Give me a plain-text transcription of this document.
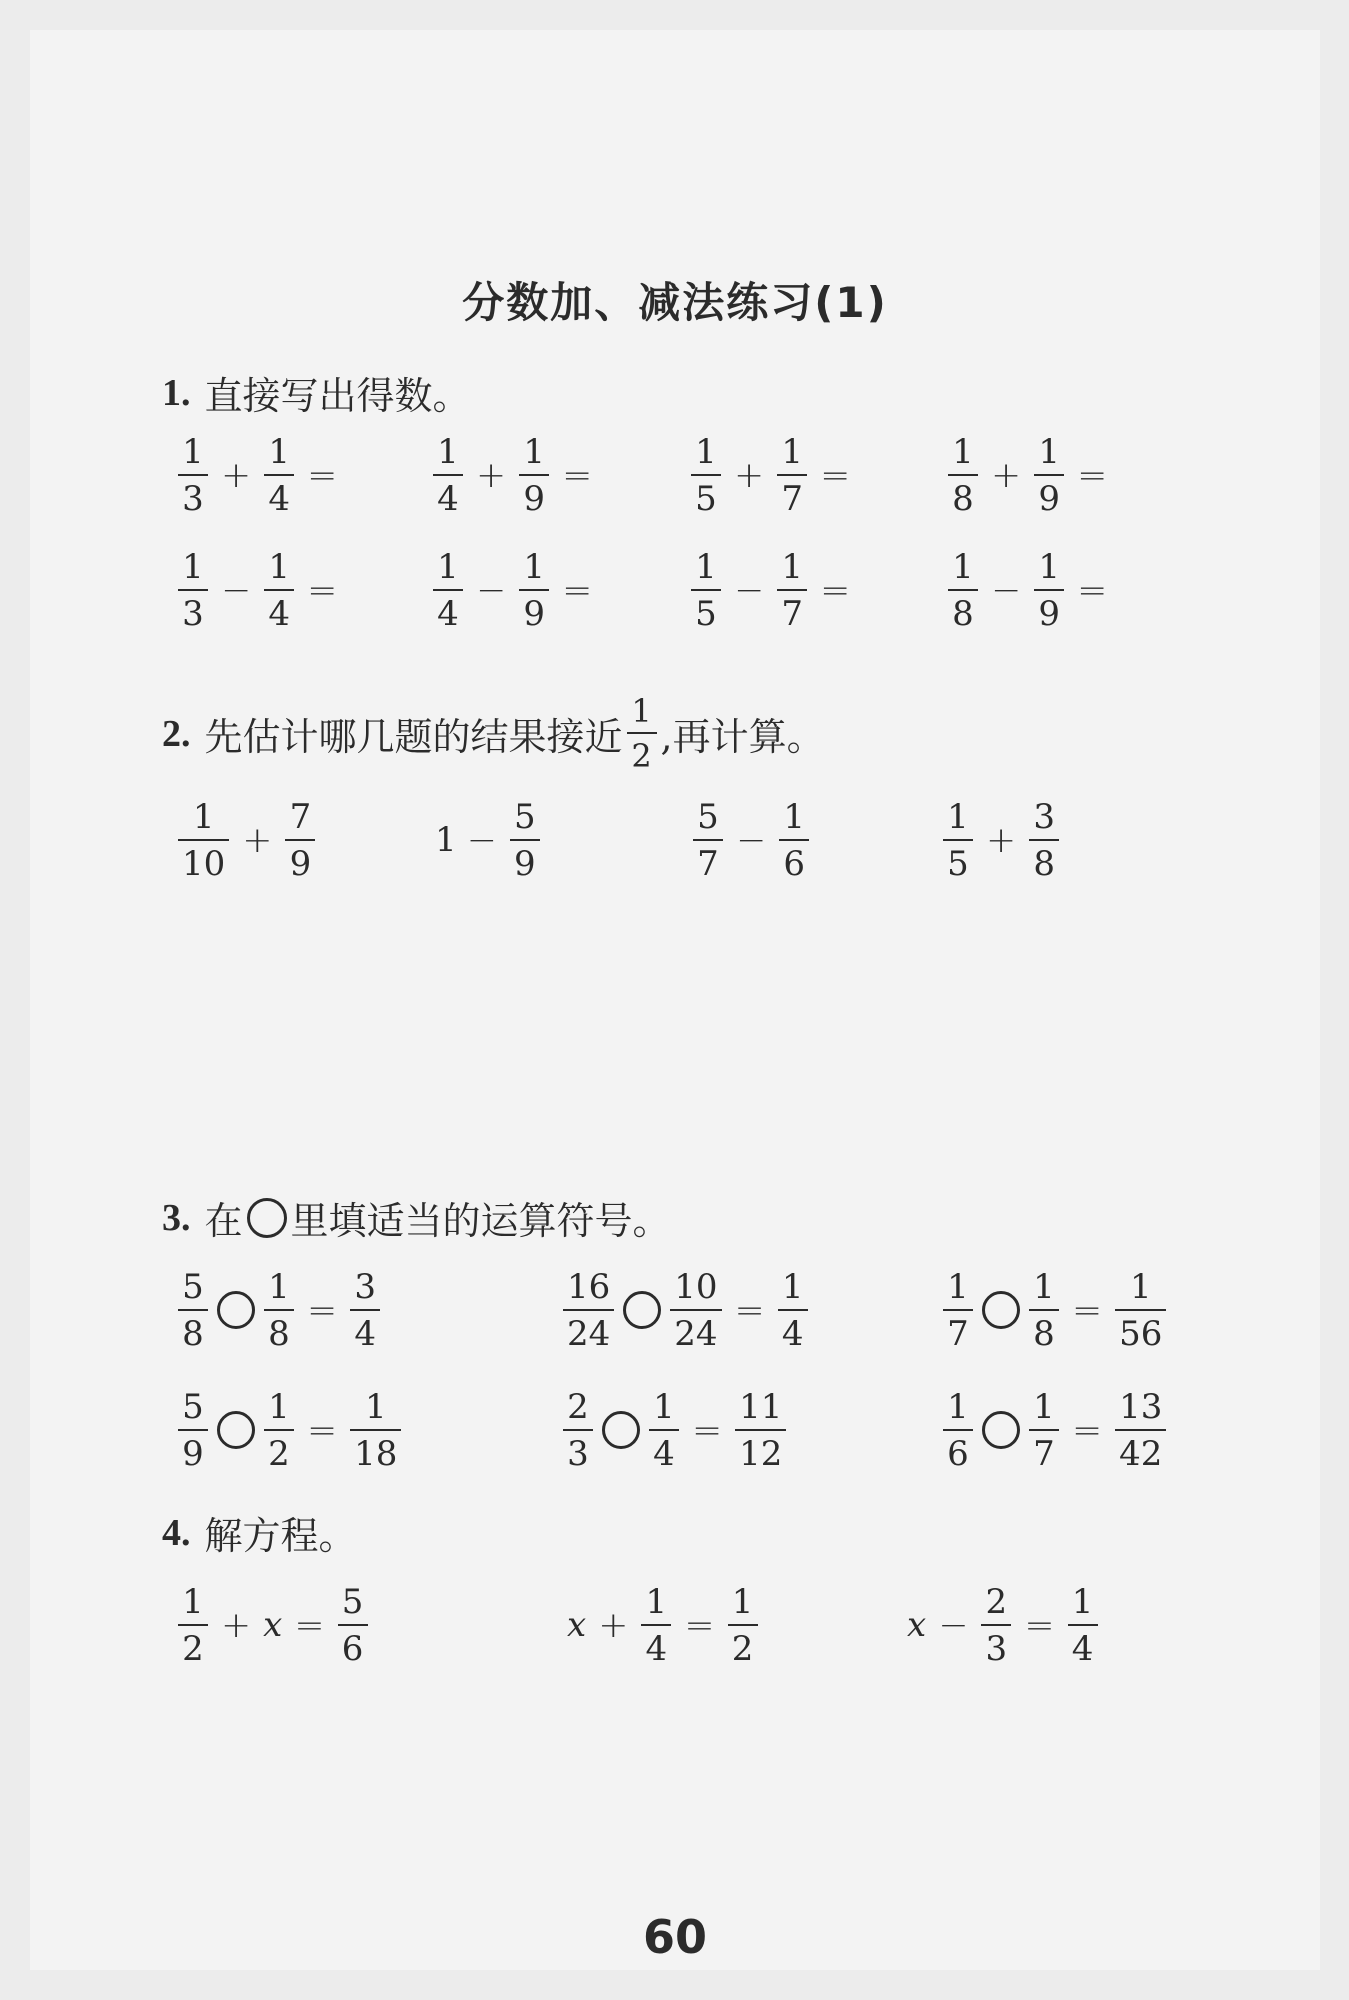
分数加、减法练习(1)
1. 直接写出得数。
$\frac{1}{3} + \frac{1}{4}$ =	$\frac{1}{4} + \frac{1}{9}$ =	$\frac{1}{5} + \frac{1}{7}$ =	$\frac{1}{8} + \frac{1}{9}$ =
$\frac{1}{3} - \frac{1}{4}$ =	$\frac{1}{4} - \frac{1}{9}$ =	$\frac{1}{5} - \frac{1}{7}$ =	$\frac{1}{8} - \frac{1}{9}$ =
2. 先估计哪几题的结果接近 $\frac{1}{2}$ ,再计算。
$\frac{1}{10} + \frac{7}{9}$	$1 - \frac{5}{9}$	$\frac{5}{7} - \frac{1}{6}$	$\frac{1}{5} + \frac{3}{8}$
3. 在 里填适当的运算符号。
$\frac{5}{8} \frac{1}{8} = \frac{3}{4}$	$\frac{16}{24} \frac{10}{24} = \frac{1}{4}$	$\frac{1}{7} \frac{1}{8} = \frac{1}{56}$
$\frac{5}{9} \frac{1}{2} = \frac{1}{18}$	$\frac{2}{3} \frac{1}{4} = \frac{11}{12}$	$\frac{1}{6} \frac{1}{7} = \frac{13}{42}$
4. 解方程。
$\frac{1}{2} + x = \frac{5}{6}$	$x + \frac{1}{4} = \frac{1}{2}$	$x - \frac{2}{3} = \frac{1}{4}$
60
